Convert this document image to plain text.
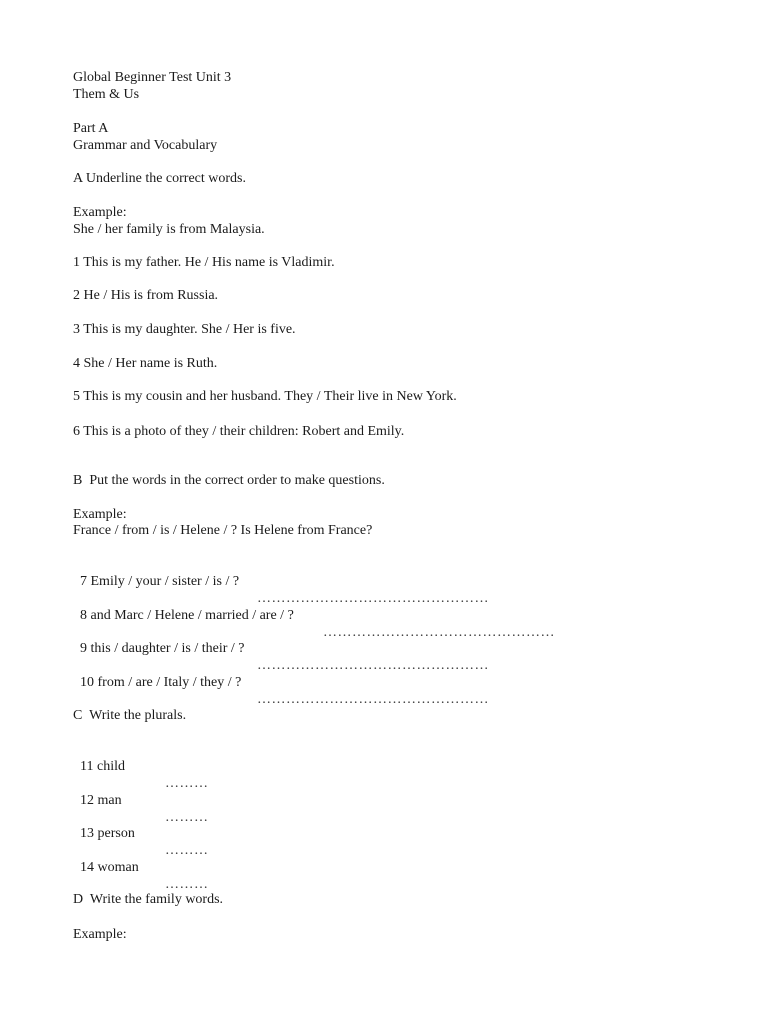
Global Beginner Test Unit 3

Them & Us

Part A

Grammar and Vocabulary

A Underline the correct words.

Example:

She / her family is from Malaysia.

1 This is my father. He / His name is Vladimir.

2 He / His is from Russia.

3 This is my daughter. She / Her is five.

4 She / Her name is Ruth.

5 This is my cousin and her husband. They / Their live in New York.

6 This is a photo of they / their children: Robert and Emily.

B  Put the words in the correct order to make questions.

Example:

France / from / is / Helene / ? Is Helene from France?

7 Emily / your / sister / is / ?

…………………………………………

8 and Marc / Helene / married / are / ?

…………………………………………

9 this / daughter / is / their / ?

…………………………………………

10 from / are / Italy / they / ?

…………………………………………

C  Write the plurals.

11 child

………

12 man

………

13 person

………

14 woman

………

D  Write the family words.

Example:
